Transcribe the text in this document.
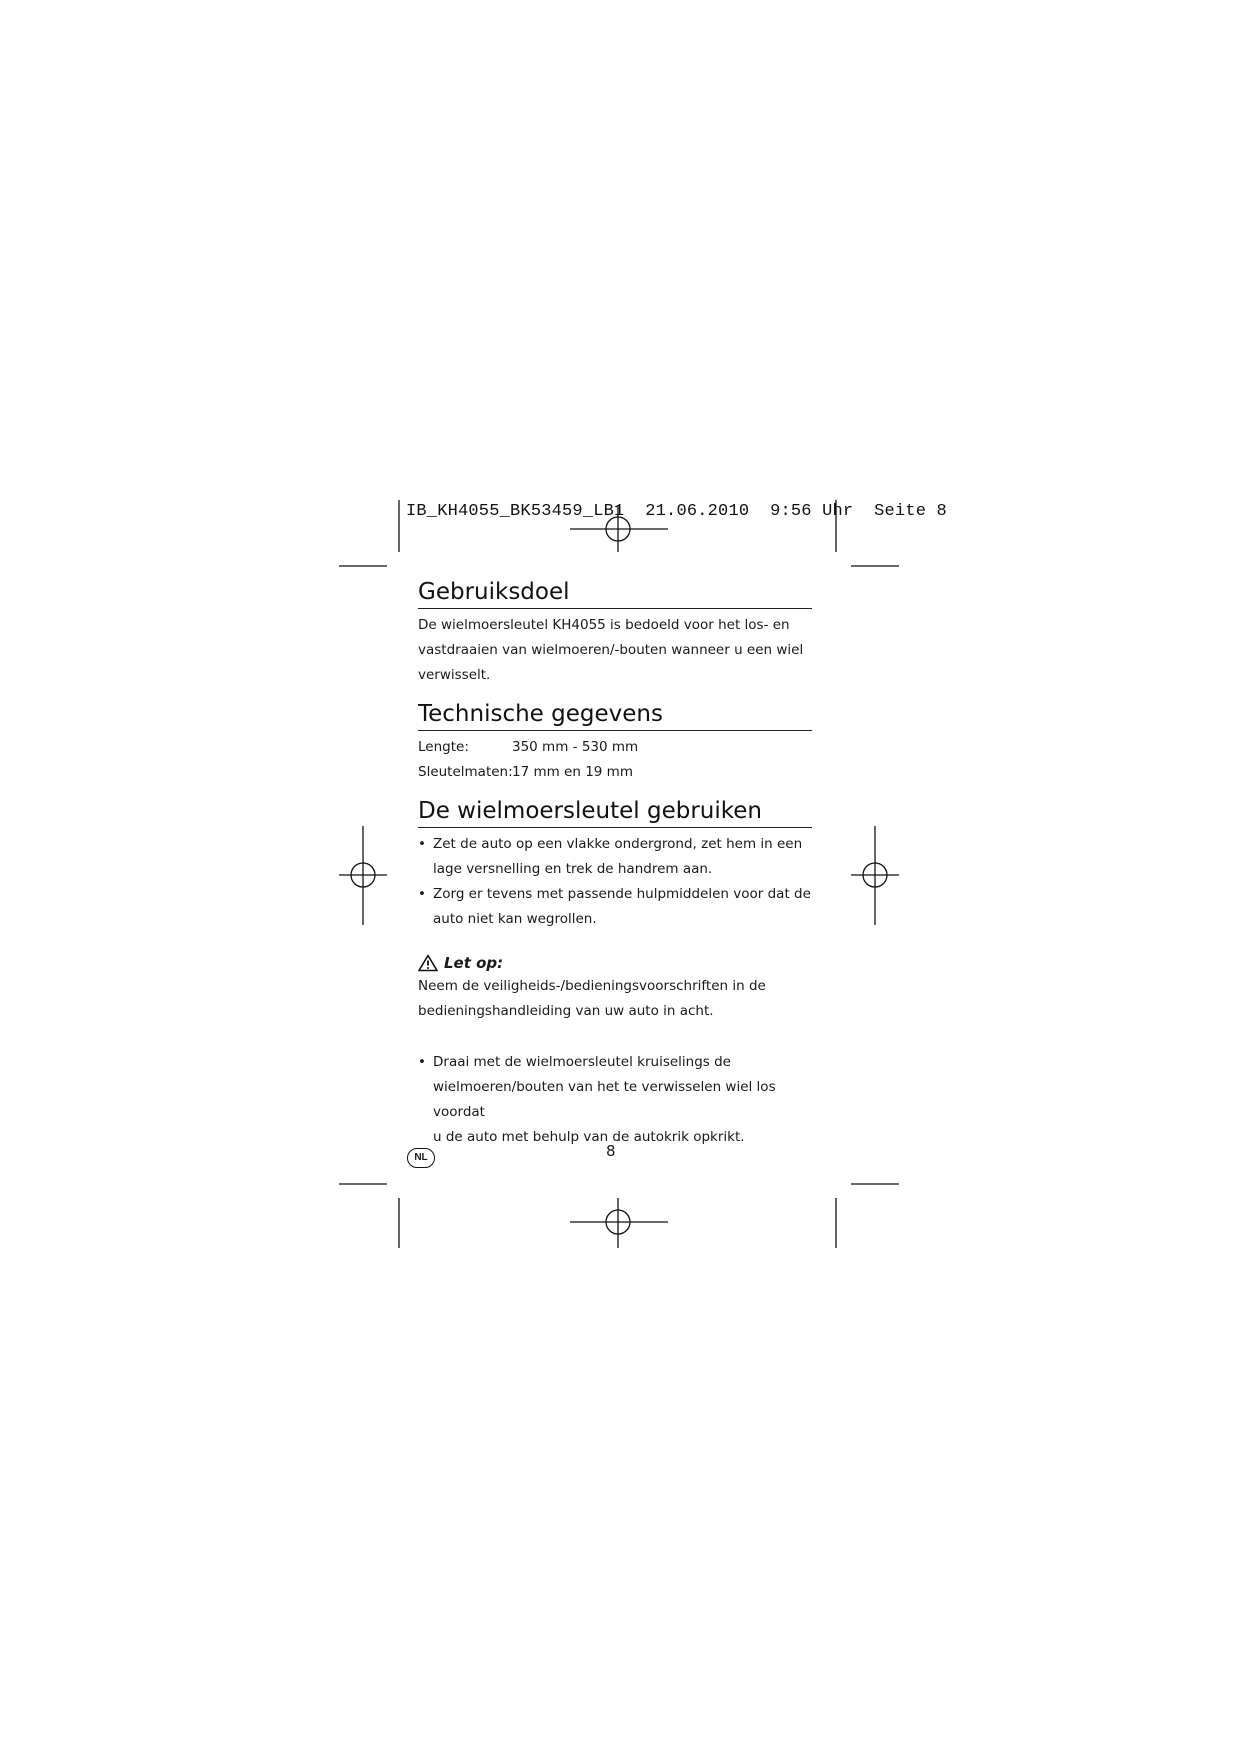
IB_KH4055_BK53459_LB1 21.06.2010 9:56 Uhr Seite 8
Gebruiksdoel

De wielmoersleutel KH4055 is bedoeld voor het los- en
vastdraaien van wielmoeren/-bouten wanneer u een wiel
verwisselt.

Technische gegevens
Lengte:	350 mm - 530 mm
Sleutelmaten: 17 mm en 19 mm
De wielmoersleutel gebruiken
• Zet de auto op een vlakke ondergrond, zet hem in een
lage versnelling en trek de handrem aan.
• Zorg er tevens met passende hulpmiddelen voor dat de
auto niet kan wegrollen.
Let op:

Neem de veiligheids-/bedieningsvoorschriften in de
bedieningshandleiding van uw auto in acht.

• Draai met de wielmoersleutel kruiselings de
wielmoeren/bouten van het te verwisselen wiel los voordat
u de auto met behulp van de autokrik opkrikt.
NL	8
